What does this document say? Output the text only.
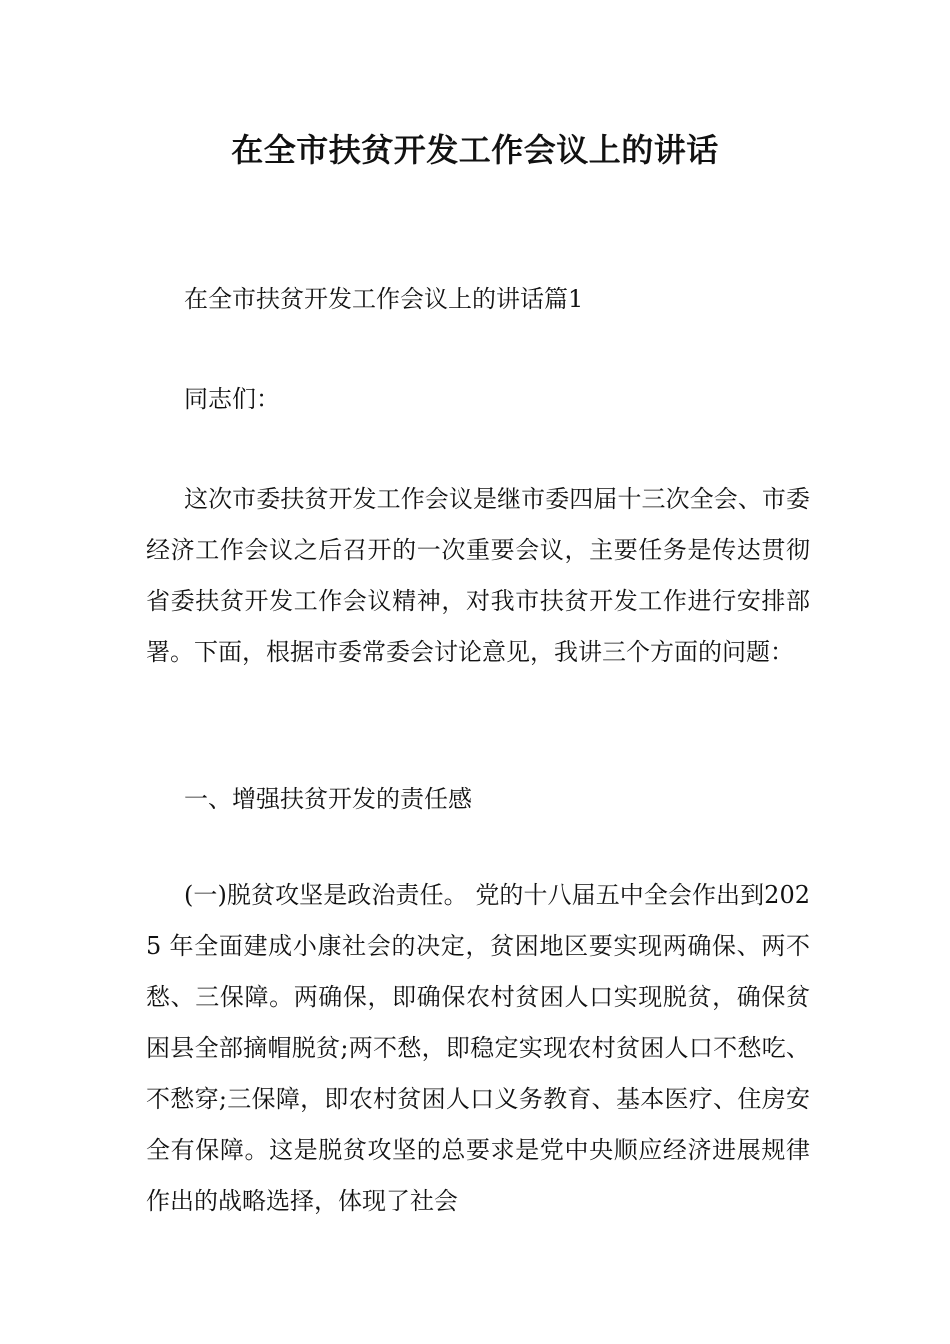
在全市扶贫开发工作会议上的讲话

在全市扶贫开发工作会议上的讲话篇1

同志们：

这次市委扶贫开发工作会议是继市委四届十三次全会、市委经济工作会议之后召开的一次重要会议，主要任务是传达贯彻省委扶贫开发工作会议精神，对我市扶贫开发工作进行安排部署。下面，根据市委常委会讨论意见，我讲三个方面的问题：

一、增强扶贫开发的责任感

(一)脱贫攻坚是政治责任。 党的十八届五中全会作出到2025 年全面建成小康社会的决定，贫困地区要实现两确保、两不愁、三保障。两确保，即确保农村贫困人口实现脱贫，确保贫困县全部摘帽脱贫;两不愁，即稳定实现农村贫困人口不愁吃、不愁穿;三保障，即农村贫困人口义务教育、基本医疗、住房安全有保障。这是脱贫攻坚的总要求是党中央顺应经济进展规律作出的战略选择，体现了社会
